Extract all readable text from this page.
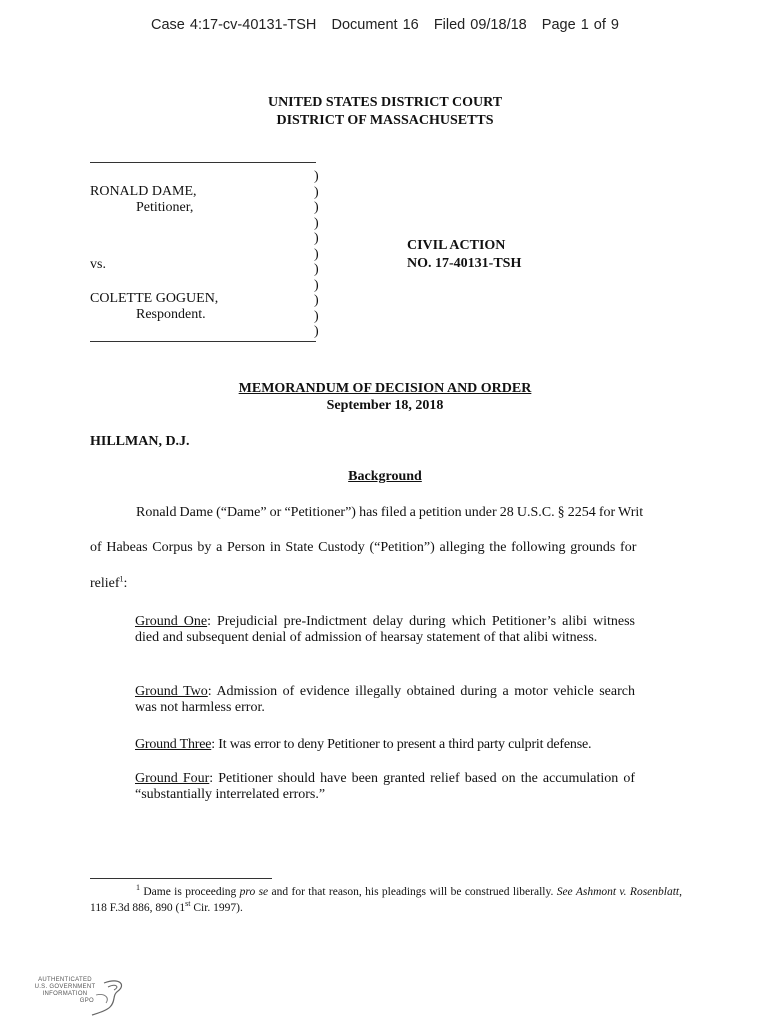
Case 4:17-cv-40131-TSH   Document 16   Filed 09/18/18   Page 1 of 9
UNITED STATES DISTRICT COURT
DISTRICT OF MASSACHUSETTS
RONALD DAME,
Petitioner,
vs.
COLETTE GOGUEN,
Respondent.
)
)
)
)
)
)
)
)
)
)
)
CIVIL ACTION
NO. 17-40131-TSH
MEMORANDUM OF DECISION AND ORDER
September 18, 2018
HILLMAN, D.J.
Background
Ronald Dame (“Dame” or “Petitioner”) has filed a petition under 28 U.S.C. § 2254 for Writ
of Habeas Corpus by a Person in State Custody (“Petition”) alleging the following grounds for
relief$^1$:
Ground One: Prejudicial pre-Indictment delay during which Petitioner’s alibi witness died and subsequent denial of admission of hearsay statement of that alibi witness.
Ground Two: Admission of evidence illegally obtained during a motor vehicle search was not harmless error.
Ground Three: It was error to deny Petitioner to present a third party culprit defense.
Ground Four: Petitioner should have been granted relief based on the accumulation of “substantially interrelated errors.”
$^1$ Dame is proceeding pro se and for that reason, his pleadings will be construed liberally. See Ashmont v. Rosenblatt, 118 F.3d 886, 890 (1st Cir. 1997).
AUTHENTICATED
U.S. GOVERNMENT
INFORMATION
GPO
